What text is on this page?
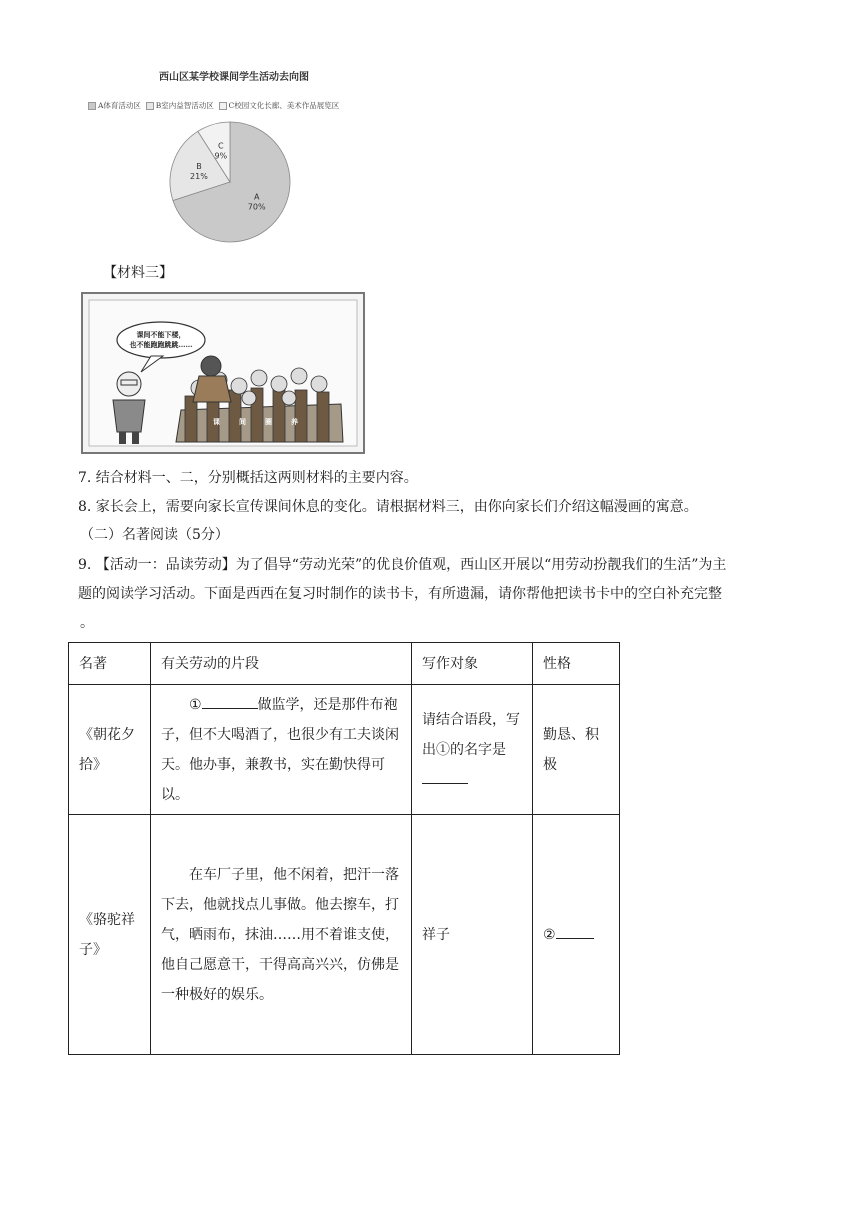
A
70%
B
21%
C
9%
西山区某学校课间学生活动去向图
A体育活动区 B室内益智活动区 C校园文化长廊、美术作品展览区
【材料三】
课间不能下楼，
也不能跑跑跳跳……
课	间	圈	养
7. 结合材料一、二，分别概括这两则材料的主要内容。
8. 家长会上，需要向家长宣传课间休息的变化。请根据材料三，由你向家长们介绍这幅漫画的寓意。
（二）名著阅读（5分）
9. 【活动一：品读劳动】为了倡导“劳动光荣”的优良价值观，西山区开展以“用劳动扮靓我们的生活”为主
题的阅读学习活动。下面是西西在复习时制作的读书卡，有所遗漏，请你帮他把读书卡中的空白补充完整
。
名著	有关劳动的片段	写作对象	性格
《朝花夕拾》	① 做监学，还是那件布袍子，但不大喝酒了，也很少有工夫谈闲天。他办事，兼教书，实在勤快得可以。	请结合语段，写出①的名字是	勤恳、积极
《骆驼祥子》	在车厂子里，他不闲着，把汗一落下去，他就找点儿事做。他去擦车，打气，晒雨布，抹油……用不着谁支使，他自己愿意干，干得高高兴兴，仿佛是一种极好的娱乐。	祥子	②
